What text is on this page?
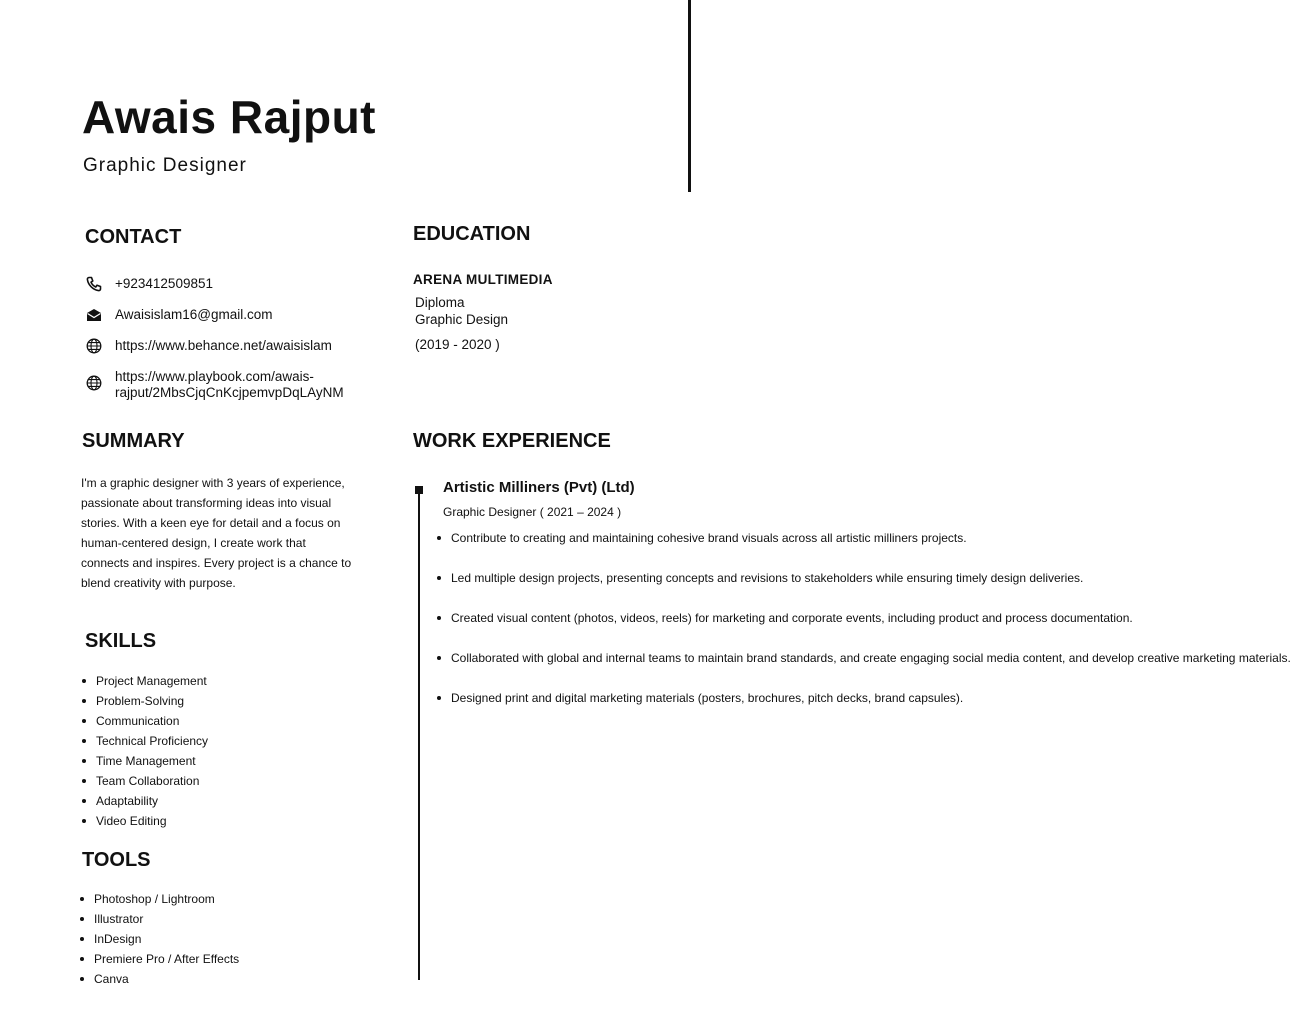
Awais Rajput
Graphic Designer
CONTACT
+923412509851
Awaisislam16@gmail.com
https://www.behance.net/awaisislam
https://www.playbook.com/awais-
rajput/2MbsCjqCnKcjpemvpDqLAyNM
EDUCATION
ARENA MULTIMEDIA
Diploma
Graphic Design
(2019 - 2020 )
SUMMARY
I'm a graphic designer with 3 years of experience, passionate about transforming ideas into visual stories. With a keen eye for detail and a focus on human-centered design, I create work that connects and inspires. Every project is a chance to blend creativity with purpose.
SKILLS
Project Management
Problem-Solving
Communication
Technical Proficiency
Time Management
Team Collaboration
Adaptability
Video Editing
TOOLS
Photoshop / Lightroom
Illustrator
InDesign
Premiere Pro / After Effects
Canva
WORK EXPERIENCE
Artistic Milliners (Pvt) (Ltd)
Graphic Designer ( 2021 – 2024 )
Contribute to creating and maintaining cohesive brand visuals across all artistic milliners projects.
Led multiple design projects, presenting concepts and revisions to stakeholders while ensuring timely design deliveries.
Created visual content (photos, videos, reels) for marketing and corporate events, including product and process documentation.
Collaborated with global and internal teams to maintain brand standards, and create engaging social media content, and develop creative marketing materials.
Designed print and digital marketing materials (posters, brochures, pitch decks, brand capsules).
